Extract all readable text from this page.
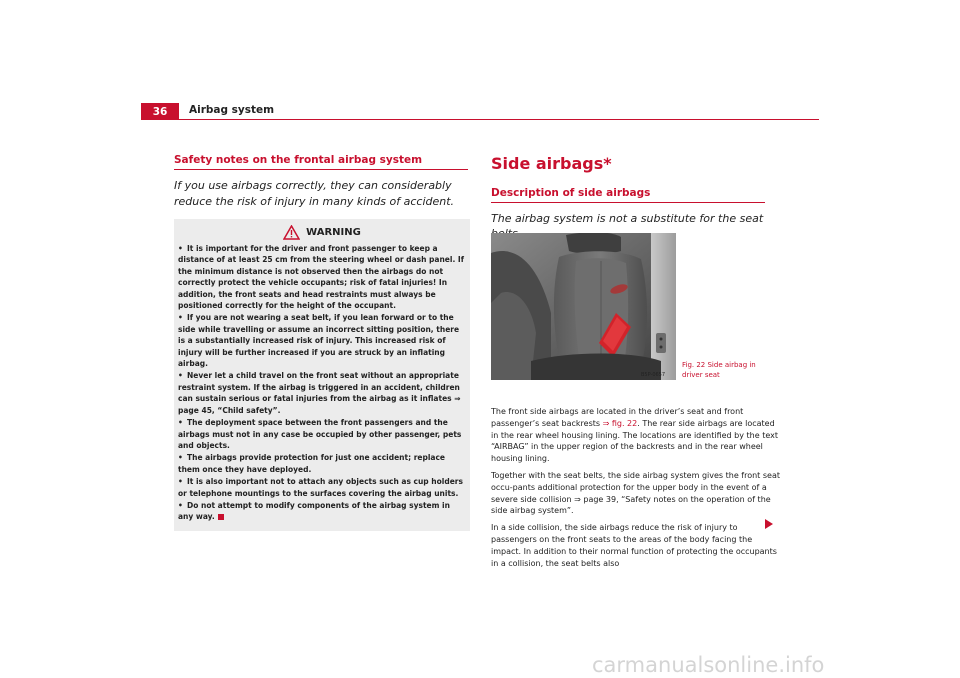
36	Airbag system
Safety notes on the frontal airbag system
If you use airbags correctly, they can considerably reduce the risk of injury in many kinds of accident.
WARNING
• It is important for the driver and front passenger to keep a distance of at least 25 cm from the steering wheel or dash panel. If the minimum distance is not observed then the airbags do not correctly protect the vehicle occupants; risk of fatal injuries! In addition, the front seats and head restraints must always be positioned correctly for the height of the occupant.
• If you are not wearing a seat belt, if you lean forward or to the side while travelling or assume an incorrect sitting position, there is a substantially increased risk of injury. This increased risk of injury will be further increased if you are struck by an inflating airbag.
• Never let a child travel on the front seat without an appropriate restraint system. If the airbag is triggered in an accident, children can sustain serious or fatal injuries from the airbag as it inflates ⇒ page 45, “Child safety”.
• The deployment space between the front passengers and the airbags must not in any case be occupied by other passenger, pets and objects.
• The airbags provide protection for just one accident; replace them once they have deployed.
• It is also important not to attach any objects such as cup holders or telephone mountings to the surfaces covering the airbag units.
• Do not attempt to modify components of the airbag system in any way.
Side airbags*
Description of side airbags
The airbag system is not a substitute for the seat
B5P-0657
Fig. 22 Side airbag in
driver seat

The front side airbags are located in the driver’s seat and front passenger’s seat backrests ⇒ fig. 22. The rear side airbags are located in the rear wheel housing lining. The locations are identified by the text “AIRBAG” in the upper region of the backrests and in the rear wheel housing lining.

Together with the seat belts, the side airbag system gives the front seat occu-pants additional protection for the upper body in the event of a severe side collision ⇒ page 39, “Safety notes on the operation of the side airbag system”.

In a side collision, the side airbags reduce the risk of injury to passengers on the front seats to the areas of the body facing the impact. In addition to their normal function of protecting the occupants in a collision, the seat belts also

carmanualsonline.info
